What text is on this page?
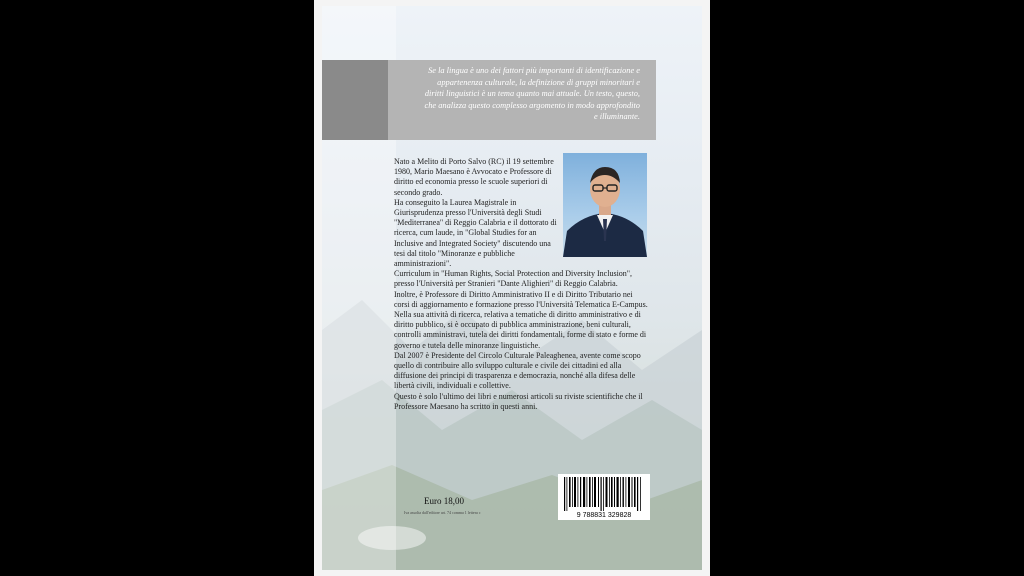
Se la lingua è uno dei fattori più importanti di identificazione e appartenenza culturale, la definizione di gruppi minoritari e diritti linguistici è un tema quanto mai attuale. Un testo, questo, che analizza questo complesso argomento in modo approfondito e illuminante.

Nato a Melito di Porto Salvo (RC) il 19 settembre 1980, Mario Maesano è Avvocato e Professore di diritto ed economia presso le scuole superiori di secondo grado.

Ha conseguito la Laurea Magistrale in Giurisprudenza presso l'Università degli Studi "Mediterranea" di Reggio Calabria e il dottorato di ricerca, cum laude, in "Global Studies for an Inclusive and Integrated Society" discutendo una tesi dal titolo "Minoranze e pubbliche amministrazioni".

Curriculum in "Human Rights, Social Protection and Diversity Inclusion", presso l'Università per Stranieri "Dante Alighieri" di Reggio Calabria.

Inoltre, è Professore di Diritto Amministrativo II e di Diritto Tributario nei corsi di aggiornamento e formazione presso l'Università Telematica E-Campus.

Nella sua attività di ricerca, relativa a tematiche di diritto amministrativo e di diritto pubblico, si è occupato di pubblica amministrazione, beni culturali, controlli amministravi, tutela dei diritti fondamentali, forme di stato e forme di governo e tutela delle minoranze linguistiche.

Dal 2007 è Presidente del Circolo Culturale Paleaghenea, avente come scopo quello di contribuire allo sviluppo culturale e civile dei cittadini ed alla diffusione dei principi di trasparenza e democrazia, nonché alla difesa delle libertà civili, individuali e collettive.

Questo è solo l'ultimo dei libri e numerosi articoli su riviste scientifiche che il Professore Maesano ha scritto in questi anni.

Euro 18,00
Iva assolta dall'editore art. 74 comma 1 lettera c	9 788831 329828
